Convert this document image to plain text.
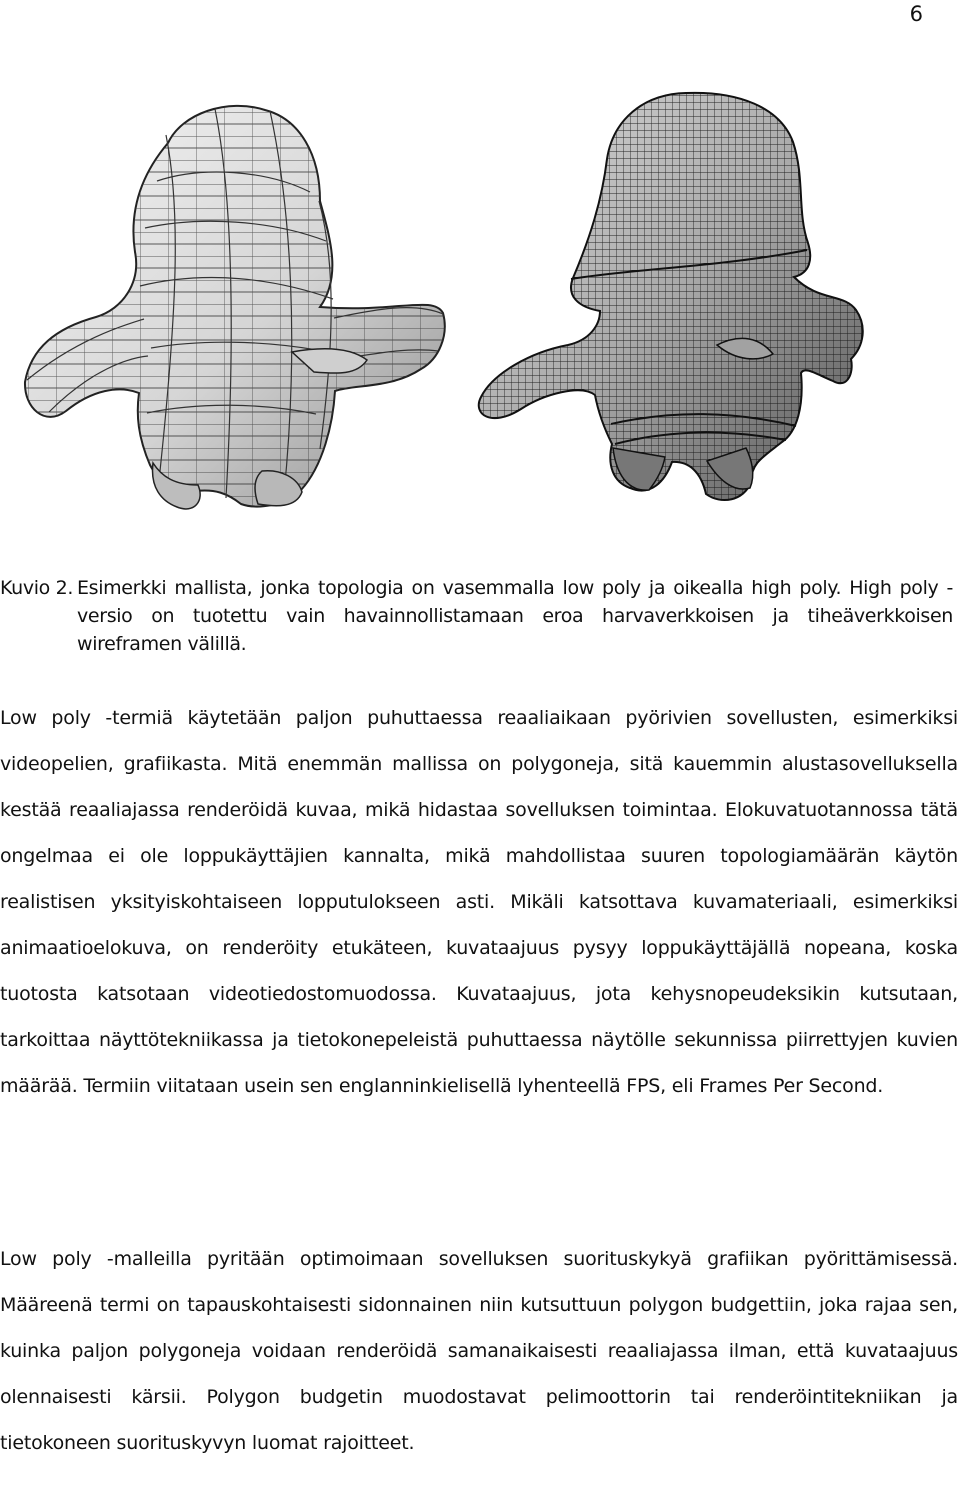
6
Kuvio 2. Esimerkki mallista, jonka topologia on vasemmalla low poly ja oikealla high poly. High poly -versio on tuotettu vain havainnollistamaan eroa harvaverkkoisen ja tiheäverkkoisen wireframen välillä.

Low poly -termiä käytetään paljon puhuttaessa reaaliaikaan pyörivien sovellusten, esimerkiksi videopelien, grafiikasta. Mitä enemmän mallissa on polygoneja, sitä kauemmin alustasovelluksella kestää reaaliajassa renderöidä kuvaa, mikä hidastaa sovelluksen toimintaa. Elokuvatuotannossa tätä ongelmaa ei ole loppukäyttäjien kannalta, mikä mahdollistaa suuren topologiamäärän käytön realistisen yksityiskohtaiseen lopputulokseen asti. Mikäli katsottava kuvamateriaali, esimerkiksi animaatioelokuva, on renderöity etukäteen, kuvataajuus pysyy loppukäyttäjällä nopeana, koska tuotosta katsotaan videotiedostomuodossa. Kuvataajuus, jota kehysnopeudeksikin kutsutaan, tarkoittaa näyttötekniikassa ja tietokonepeleistä puhuttaessa näytölle sekunnissa piirrettyjen kuvien määrää. Termiin viitataan usein sen englanninkielisellä lyhenteellä FPS, eli Frames Per Second.

Low poly -malleilla pyritään optimoimaan sovelluksen suorituskykyä grafiikan pyörittämisessä. Määreenä termi on tapauskohtaisesti sidonnainen niin kutsuttuun polygon budgettiin, joka rajaa sen, kuinka paljon polygoneja voidaan renderöidä samanaikaisesti reaaliajassa ilman, että kuvataajuus olennaisesti kärsii. Polygon budgetin muodostavat pelimoottorin tai renderöintitekniikan ja tietokoneen suorituskyvyn luomat rajoitteet.
